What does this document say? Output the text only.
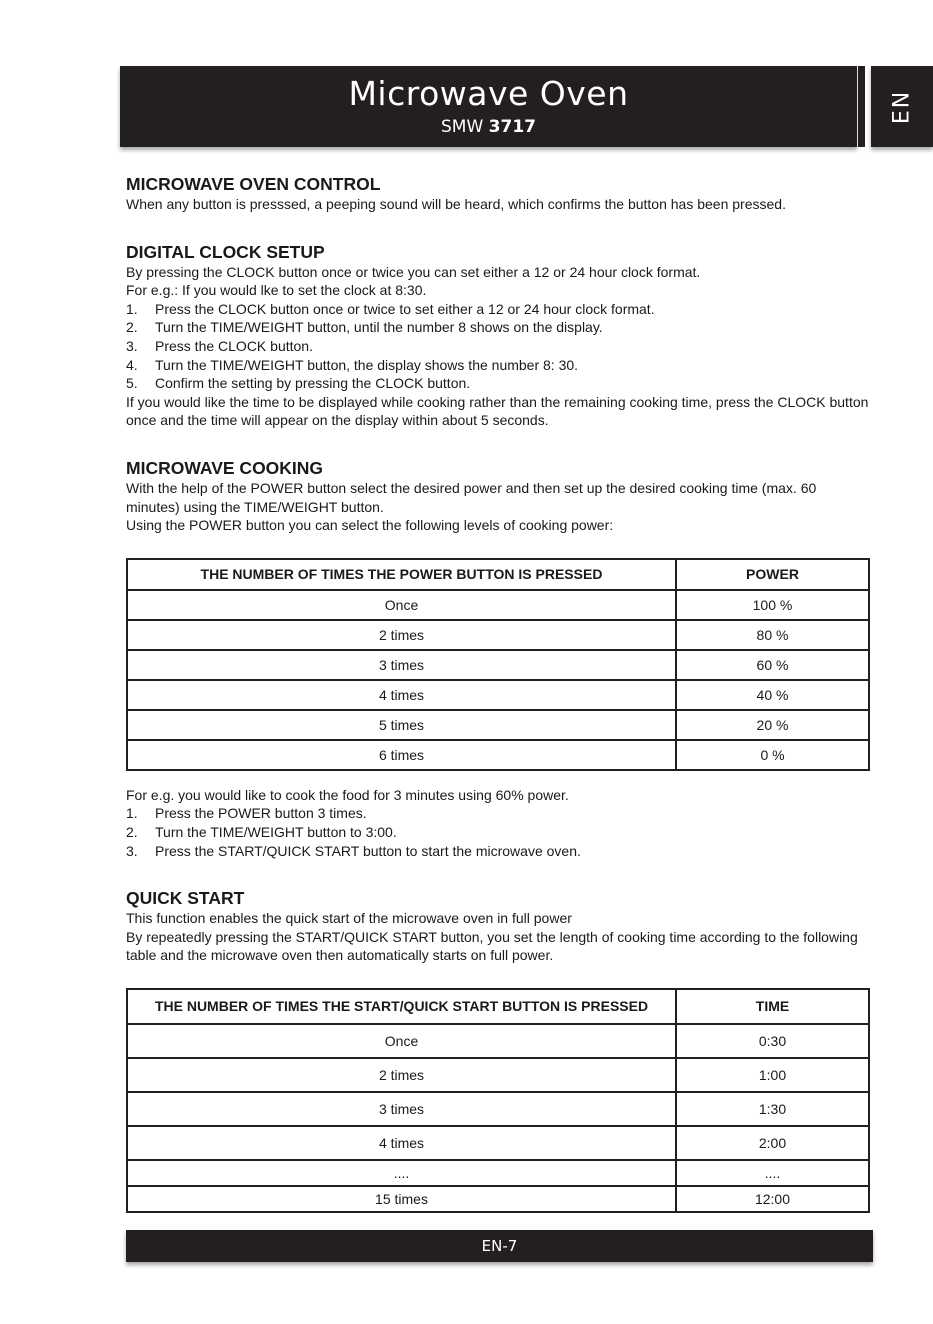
Microwave Oven
SMW 3717
EN
MICROWAVE OVEN CONTROL

When any button is presssed, a peeping sound will be heard, which confirms the button has been pressed.

DIGITAL CLOCK SETUP

By pressing the CLOCK button once or twice you can set either a 12 or 24 hour clock format.

For e.g.: If you would lke to set the clock at 8:30.

1.	Press the CLOCK button once or twice to set either a 12 or 24 hour clock format.
2.	Turn the TIME/WEIGHT button, until the number 8 shows on the display.
3.	Press the CLOCK button.
4.	Turn the TIME/WEIGHT button, the display shows the number 8: 30.
5.	Confirm the setting by pressing the CLOCK button.

If you would like the time to be displayed while cooking rather than the remaining cooking time, press the CLOCK button once and the time will appear on the display within about 5 seconds.

MICROWAVE COOKING

With the help of the POWER button select the desired power and then set up the desired cooking time (max. 60 minutes) using the TIME/WEIGHT button.

Using the POWER button you can select the following levels of cooking power:

THE NUMBER OF TIMES THE POWER BUTTON IS PRESSED	POWER
Once	100 %
2 times	80 %
3 times	60 %
4 times	40 %
5 times	20 %
6 times	0 %

For e.g. you would like to cook the food for 3 minutes using 60% power.

1.	Press the POWER button 3 times.
2.	Turn the TIME/WEIGHT button to 3:00.
3.	Press the START/QUICK START button to start the microwave oven.
QUICK START

This function enables the quick start of the microwave oven in full power

By repeatedly pressing the START/QUICK START button, you set the length of cooking time according to the following table and the microwave oven then automatically starts on full power.

THE NUMBER OF TIMES THE START/QUICK START BUTTON IS PRESSED	TIME
Once	0:30
2 times	1:00
3 times	1:30
4 times	2:00
....	....
15 times	12:00
EN-7
